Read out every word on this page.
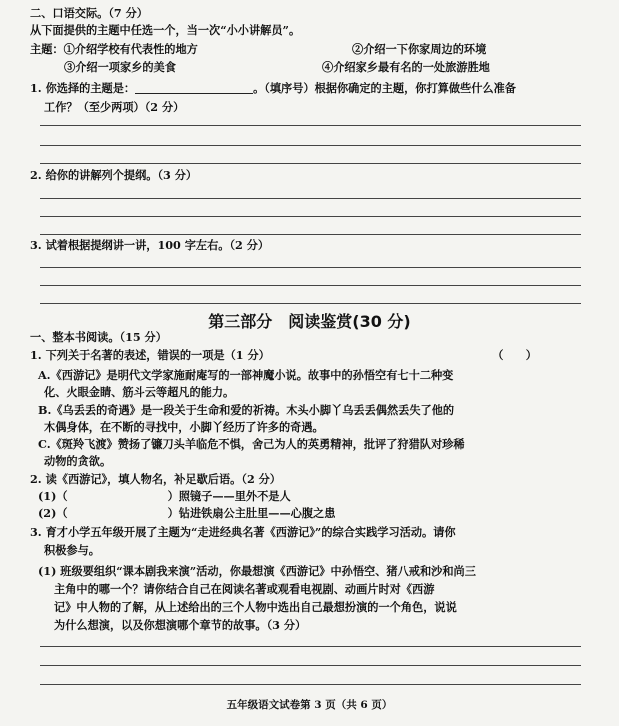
二、口语交际。（7 分）
从下面提供的主题中任选一个，当一次“小小讲解员”。
主题：①介绍学校有代表性的地方	②介绍一下你家周边的环境
③介绍一项家乡的美食	④介绍家乡最有名的一处旅游胜地
1. 你选择的主题是：	。（填序号）根据你确定的主题，你打算做些什么准备
工作？（至少两项）（2 分）
2. 给你的讲解列个提纲。（3 分）
3. 试着根据提纲讲一讲，100 字左右。（2 分）
第三部分　阅读鉴赏(30 分)
一、整本书阅读。（15 分）
1. 下列关于名著的表述，错误的一项是（1 分）	（　　）
A.《西游记》是明代文学家施耐庵写的一部神魔小说。故事中的孙悟空有七十二种变
化、火眼金睛、筋斗云等超凡的能力。
B.《乌丢丢的奇遇》是一段关于生命和爱的祈祷。木头小脚丫乌丢丢偶然丢失了他的
木偶身体，在不断的寻找中，小脚丫经历了许多的奇遇。
C.《斑羚飞渡》赞扬了镰刀头羊临危不惧，舍己为人的英勇精神，批评了狩猎队对珍稀
动物的贪欲。
2. 读《西游记》，填人物名，补足歇后语。（2 分）
(1)（	）照镜子——里外不是人
(2)（	）钻进铁扇公主肚里——心腹之患
3. 育才小学五年级开展了主题为“走进经典名著《西游记》”的综合实践学习活动。请你
积极参与。
(1) 班级要组织“课本剧我来演”活动，你最想演《西游记》中孙悟空、猪八戒和沙和尚三
主角中的哪一个？请你结合自己在阅读名著或观看电视剧、动画片时对《西游
记》中人物的了解，从上述给出的三个人物中选出自己最想扮演的一个角色，说说
为什么想演，以及你想演哪个章节的故事。（3 分）
五年级语文试卷第 3 页（共 6 页）
